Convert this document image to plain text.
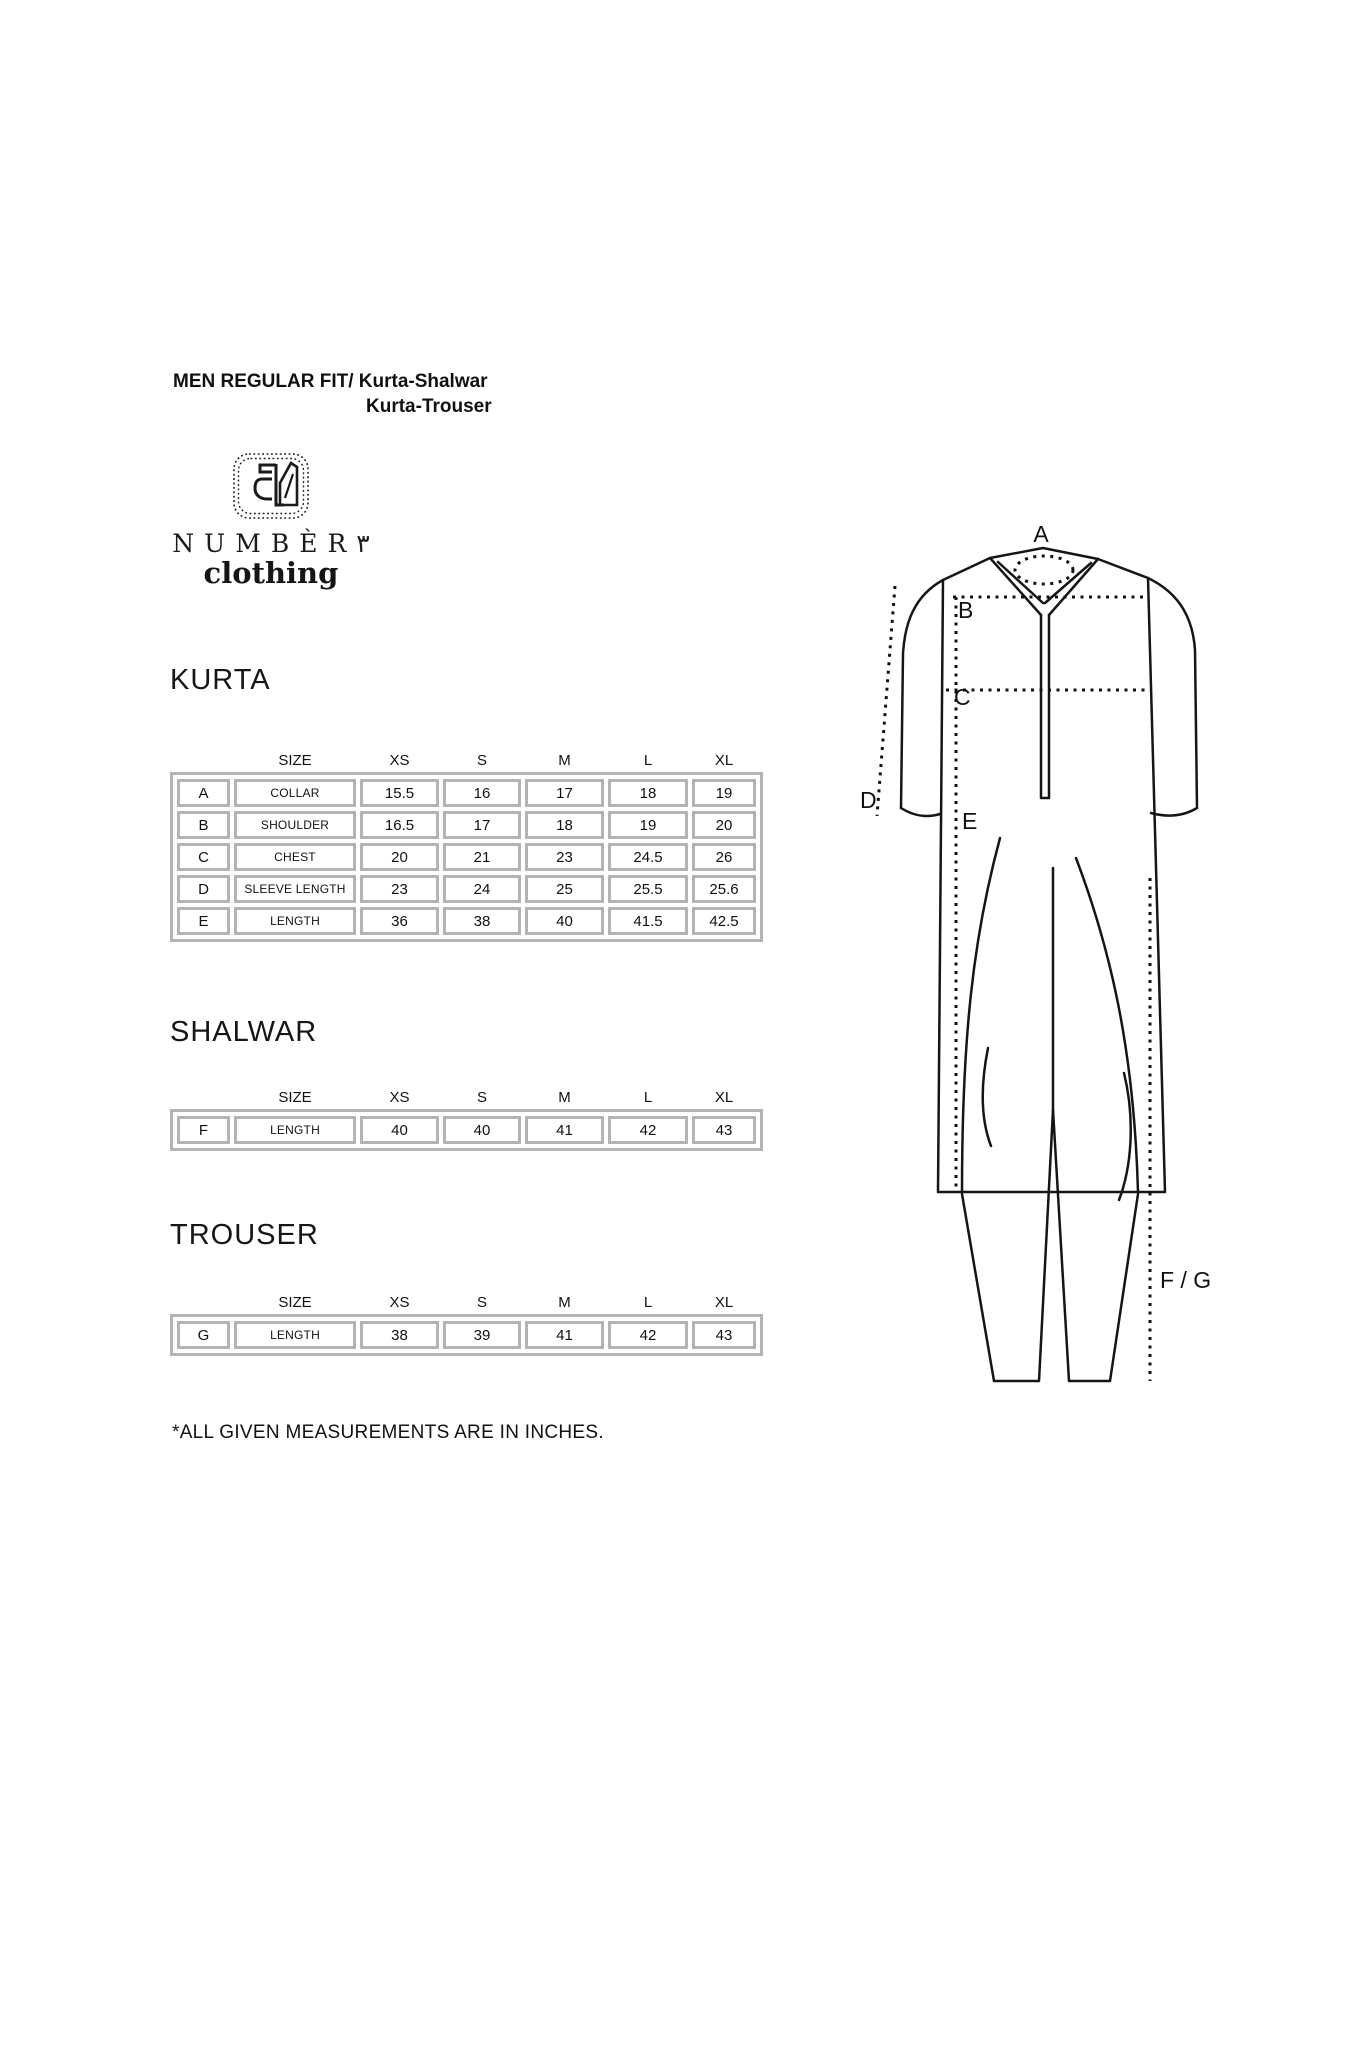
MEN REGULAR FIT/ Kurta-Shalwar
Kurta-Trouser
NUMBÈR٣
clothing
KURTA
	SIZE	XS	S	M	L	XL
A	COLLAR	15.5	16	17	18	19
B	SHOULDER	16.5	17	18	19	20
C	CHEST	20	21	23	24.5	26
D	SLEEVE LENGTH	23	24	25	25.5	25.6
E	LENGTH	36	38	40	41.5	42.5
SHALWAR
	SIZE	XS	S	M	L	XL
F	LENGTH	40	40	41	42	43
TROUSER
	SIZE	XS	S	M	L	XL
G	LENGTH	38	39	41	42	43
*ALL GIVEN MEASUREMENTS ARE IN INCHES.
A
B
C
D
E
F / G
